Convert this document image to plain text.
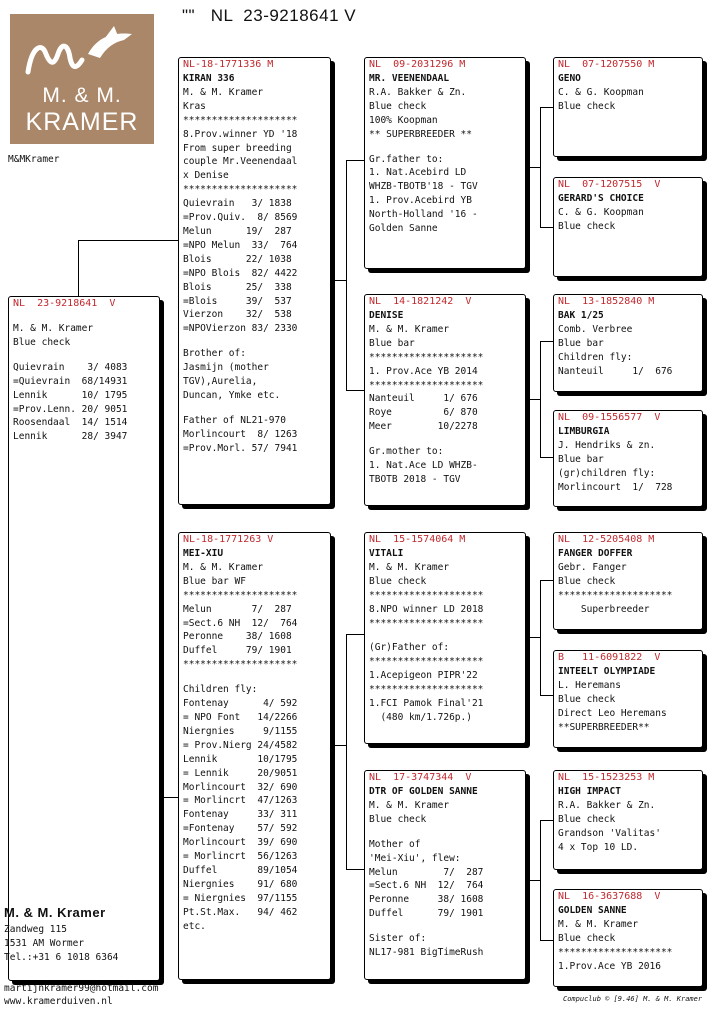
""   NL  23-9218641 V
M. & M.
KRAMER
M&MKramer
NL  23-9218641  V
M. & M. Kramer
Blue check
Quievrain    3/ 4083
=Quievrain  68/14931
Lennik      10/ 1795
=Prov.Lenn. 20/ 9051
Roosendaal  14/ 1514
Lennik      28/ 3947
NL-18-1771336 M
KIRAN 336
M. & M. Kramer
Kras
********************
8.Prov.winner YD '18
From super breeding
couple Mr.Veenendaal
x Denise
********************
Quievrain   3/ 1838
=Prov.Quiv.  8/ 8569
Melun      19/  287
=NPO Melun  33/  764
Blois      22/ 1038
=NPO Blois  82/ 4422
Blois      25/  338
=Blois     39/  537
Vierzon    32/  538
=NPOVierzon 83/ 2330
Brother of:
Jasmijn (mother
TGV),Aurelia,
Duncan, Ymke etc.
Father of NL21-970
Morlincourt  8/ 1263
=Prov.Morl. 57/ 7941
NL-18-1771263 V
MEI-XIU
M. & M. Kramer
Blue bar WF
********************
Melun       7/  287
=Sect.6 NH  12/  764
Peronne    38/ 1608
Duffel     79/ 1901
********************
Children fly:
Fontenay      4/ 592
= NPO Font   14/2266
Niergnies     9/1155
= Prov.Nierg 24/4582
Lennik       10/1795
= Lennik     20/9051
Morlincourt  32/ 690
= Morlincrt  47/1263
Fontenay     33/ 311
=Fontenay    57/ 592
Morlincourt  39/ 690
= Morlincrt  56/1263
Duffel       89/1054
Niergnies    91/ 680
= Niergnies  97/1155
Pt.St.Max.   94/ 462
etc.
NL  09-2031296 M
MR. VEENENDAAL
R.A. Bakker & Zn.
Blue check
100% Koopman
** SUPERBREEDER **
Gr.father to:
1. Nat.Acebird LD
WHZB-TBOTB'18 - TGV
1. Prov.Acebird YB
North-Holland '16 -
Golden Sanne
NL  14-1821242  V
DENISE
M. & M. Kramer
Blue bar
********************
1. Prov.Ace YB 2014
********************
Nanteuil     1/ 676
Roye         6/ 870
Meer        10/2278
Gr.mother to:
1. Nat.Ace LD WHZB-
TBOTB 2018 - TGV
NL  15-1574064 M
VITALI
M. & M. Kramer
Blue check
********************
8.NPO winner LD 2018
********************
(Gr)Father of:
********************
1.Acepigeon PIPR'22
********************
1.FCI Pamok Final'21
(480 km/1.726p.)
NL  17-3747344  V
DTR OF GOLDEN SANNE
M. & M. Kramer
Blue check
Mother of
'Mei-Xiu', flew:
Melun        7/  287
=Sect.6 NH  12/  764
Peronne     38/ 1608
Duffel      79/ 1901
Sister of:
NL17-981 BigTimeRush
NL  07-1207550 M
GENO
C. & G. Koopman
Blue check
NL  07-1207515  V
GERARD'S CHOICE
C. & G. Koopman
Blue check
NL  13-1852840 M
BAK 1/25
Comb. Verbree
Blue bar
Children fly:
Nanteuil     1/  676
NL  09-1556577  V
LIMBURGIA
J. Hendriks & zn.
Blue bar
(gr)children fly:
Morlincourt  1/  728
NL  12-5205408 M
FANGER DOFFER
Gebr. Fanger
Blue check
********************
Superbreeder
B   11-6091822  V
INTEELT OLYMPIADE
L. Heremans
Blue check
Direct Leo Heremans
**SUPERBREEDER**
NL  15-1523253 M
HIGH IMPACT
R.A. Bakker & Zn.
Blue check
Grandson 'Valitas'
4 x Top 10 LD.
NL  16-3637688  V
GOLDEN SANNE
M. & M. Kramer
Blue check
********************
1.Prov.Ace YB 2016
M. & M. Kramer
Zandweg 115
1531 AM Wormer
Tel.:+31 6 1018 6364
martijnkramer99@hotmail.com
www.kramerduiven.nl	Compuclub © [9.46] M. & M. Kramer
